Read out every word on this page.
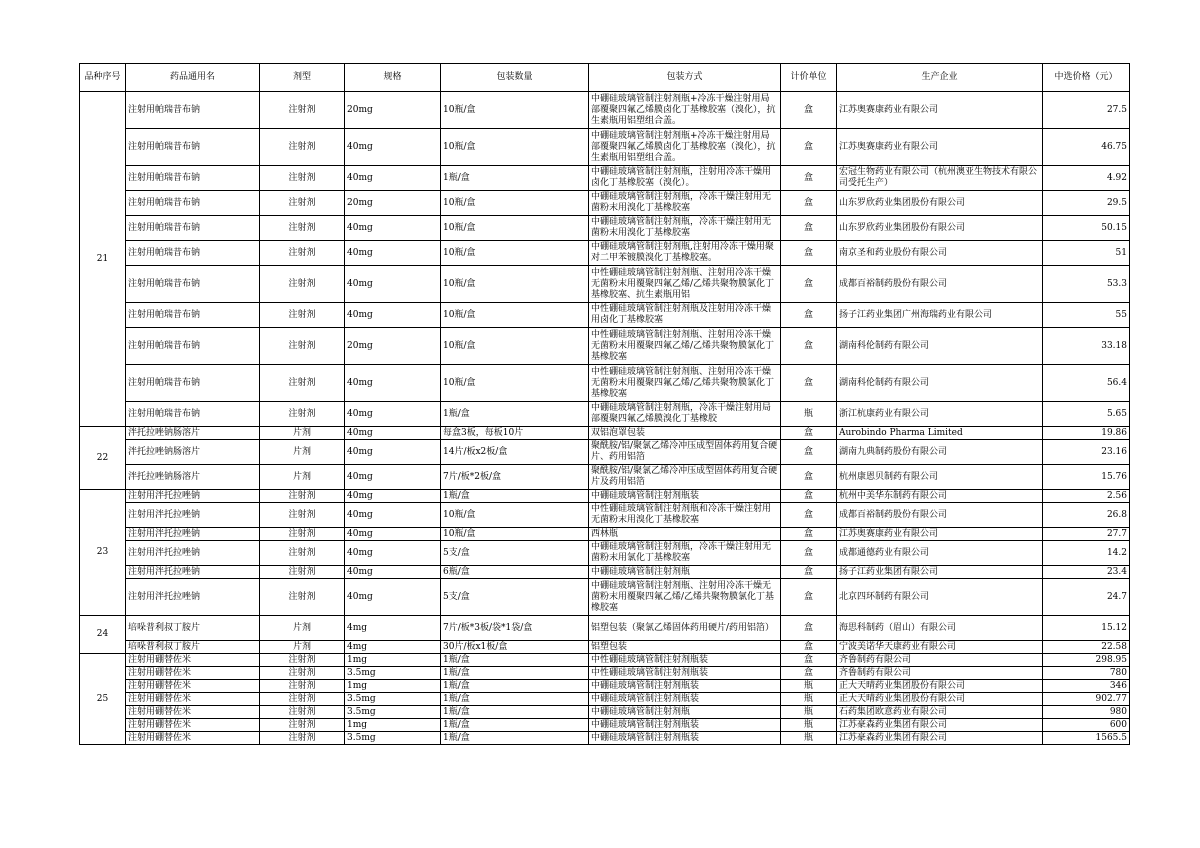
品种序号	药品通用名	剂型	规格	包装数量	包装方式	计价单位	生产企业	中选价格（元）
21	注射用帕瑞昔布钠	注射剂	20mg	10瓶/盒	中硼硅玻璃管制注射剂瓶+冷冻干燥注射用局部覆聚四氟乙烯膜卤化丁基橡胶塞（溴化），抗生素瓶用铝塑组合盖。	盒	江苏奥赛康药业有限公司	27.5
	注射用帕瑞昔布钠	注射剂	40mg	10瓶/盒	中硼硅玻璃管制注射剂瓶+冷冻干燥注射用局部覆聚四氟乙烯膜卤化丁基橡胶塞（溴化），抗生素瓶用铝塑组合盖。	盒	江苏奥赛康药业有限公司	46.75
	注射用帕瑞昔布钠	注射剂	40mg	1瓶/盒	中硼硅玻璃管制注射剂瓶，注射用冷冻干燥用卤化丁基橡胶塞（溴化）。	盒	宏冠生物药业有限公司（杭州澳亚生物技术有限公司受托生产）	4.92
	注射用帕瑞昔布钠	注射剂	20mg	10瓶/盒	中硼硅玻璃管制注射剂瓶，冷冻干燥注射用无菌粉末用溴化丁基橡胶塞	盒	山东罗欣药业集团股份有限公司	29.5
	注射用帕瑞昔布钠	注射剂	40mg	10瓶/盒	中硼硅玻璃管制注射剂瓶，冷冻干燥注射用无菌粉末用溴化丁基橡胶塞	盒	山东罗欣药业集团股份有限公司	50.15
	注射用帕瑞昔布钠	注射剂	40mg	10瓶/盒	中硼硅玻璃管制注射剂瓶,注射用冷冻干燥用聚对二甲苯镀膜溴化丁基橡胶塞。	盒	南京圣和药业股份有限公司	51
	注射用帕瑞昔布钠	注射剂	40mg	10瓶/盒	中性硼硅玻璃管制注射剂瓶、注射用冷冻干燥无菌粉末用覆聚四氟乙烯/乙烯共聚物膜氯化丁基橡胶塞、抗生素瓶用铝	盒	成都百裕制药股份有限公司	53.3
	注射用帕瑞昔布钠	注射剂	40mg	10瓶/盒	中性硼硅玻璃管制注射剂瓶及注射用冷冻干燥用卤化丁基橡胶塞	盒	扬子江药业集团广州海瑞药业有限公司	55
	注射用帕瑞昔布钠	注射剂	20mg	10瓶/盒	中性硼硅玻璃管制注射剂瓶、注射用冷冻干燥无菌粉末用覆聚四氟乙烯/乙烯共聚物膜氯化丁基橡胶塞	盒	湖南科伦制药有限公司	33.18
	注射用帕瑞昔布钠	注射剂	40mg	10瓶/盒	中性硼硅玻璃管制注射剂瓶、注射用冷冻干燥无菌粉末用覆聚四氟乙烯/乙烯共聚物膜氯化丁基橡胶塞	盒	湖南科伦制药有限公司	56.4
	注射用帕瑞昔布钠	注射剂	40mg	1瓶/盒	中硼硅玻璃管制注射剂瓶，冷冻干燥注射用局部覆聚四氟乙烯膜溴化丁基橡胶	瓶	浙江杭康药业有限公司	5.65
22	泮托拉唑钠肠溶片	片剂	40mg	每盒3板，每板10片	双铝泡罩包装	盒	Aurobindo Pharma Limited	19.86
	泮托拉唑钠肠溶片	片剂	40mg	14片/板x2板/盒	聚酰胺/铝/聚氯乙烯冷冲压成型固体药用复合硬片、药用铝箔	盒	湖南九典制药股份有限公司	23.16
	泮托拉唑钠肠溶片	片剂	40mg	7片/板*2板/盒	聚酰胺/铝/聚氯乙烯冷冲压成型固体药用复合硬片及药用铝箔	盒	杭州康恩贝制药有限公司	15.76
23	注射用泮托拉唑钠	注射剂	40mg	1瓶/盒	中硼硅玻璃管制注射剂瓶装	盒	杭州中美华东制药有限公司	2.56
	注射用泮托拉唑钠	注射剂	40mg	10瓶/盒	中性硼硅玻璃管制注射剂瓶和冷冻干燥注射用无菌粉末用溴化丁基橡胶塞	盒	成都百裕制药股份有限公司	26.8
	注射用泮托拉唑钠	注射剂	40mg	10瓶/盒	西林瓶	盒	江苏奥赛康药业有限公司	27.7
	注射用泮托拉唑钠	注射剂	40mg	5支/盒	中硼硅玻璃管制注射剂瓶，冷冻干燥注射用无菌粉末用氯化丁基橡胶塞	盒	成都通德药业有限公司	14.2
	注射用泮托拉唑钠	注射剂	40mg	6瓶/盒	中硼硅玻璃管制注射剂瓶	盒	扬子江药业集团有限公司	23.4
	注射用泮托拉唑钠	注射剂	40mg	5支/盒	中硼硅玻璃管制注射剂瓶、注射用冷冻干燥无菌粉末用覆聚四氟乙烯/乙烯共聚物膜氯化丁基橡胶塞	盒	北京四环制药有限公司	24.7
24	培哚普利叔丁胺片	片剂	4mg	7片/板*3板/袋*1袋/盒	铝塑包装（聚氯乙烯固体药用硬片/药用铝箔）	盒	海思科制药（眉山）有限公司	15.12
	培哚普利叔丁胺片	片剂	4mg	30片/板x1板/盒	铝塑包装	盒	宁波美诺华天康药业有限公司	22.58
25	注射用硼替佐米	注射剂	1mg	1瓶/盒	中性硼硅玻璃管制注射剂瓶装	盒	齐鲁制药有限公司	298.95
	注射用硼替佐米	注射剂	3.5mg	1瓶/盒	中性硼硅玻璃管制注射剂瓶装	盒	齐鲁制药有限公司	780
	注射用硼替佐米	注射剂	1mg	1瓶/盒	中硼硅玻璃管制注射剂瓶装	瓶	正大天晴药业集团股份有限公司	346
	注射用硼替佐米	注射剂	3.5mg	1瓶/盒	中硼硅玻璃管制注射剂瓶装	瓶	正大天晴药业集团股份有限公司	902.77
	注射用硼替佐米	注射剂	3.5mg	1瓶/盒	中硼硅玻璃管制注射剂瓶	瓶	石药集团欧意药业有限公司	980
	注射用硼替佐米	注射剂	1mg	1瓶/盒	中硼硅玻璃管制注射剂瓶装	瓶	江苏豪森药业集团有限公司	600
	注射用硼替佐米	注射剂	3.5mg	1瓶/盒	中硼硅玻璃管制注射剂瓶装	瓶	江苏豪森药业集团有限公司	1565.5
